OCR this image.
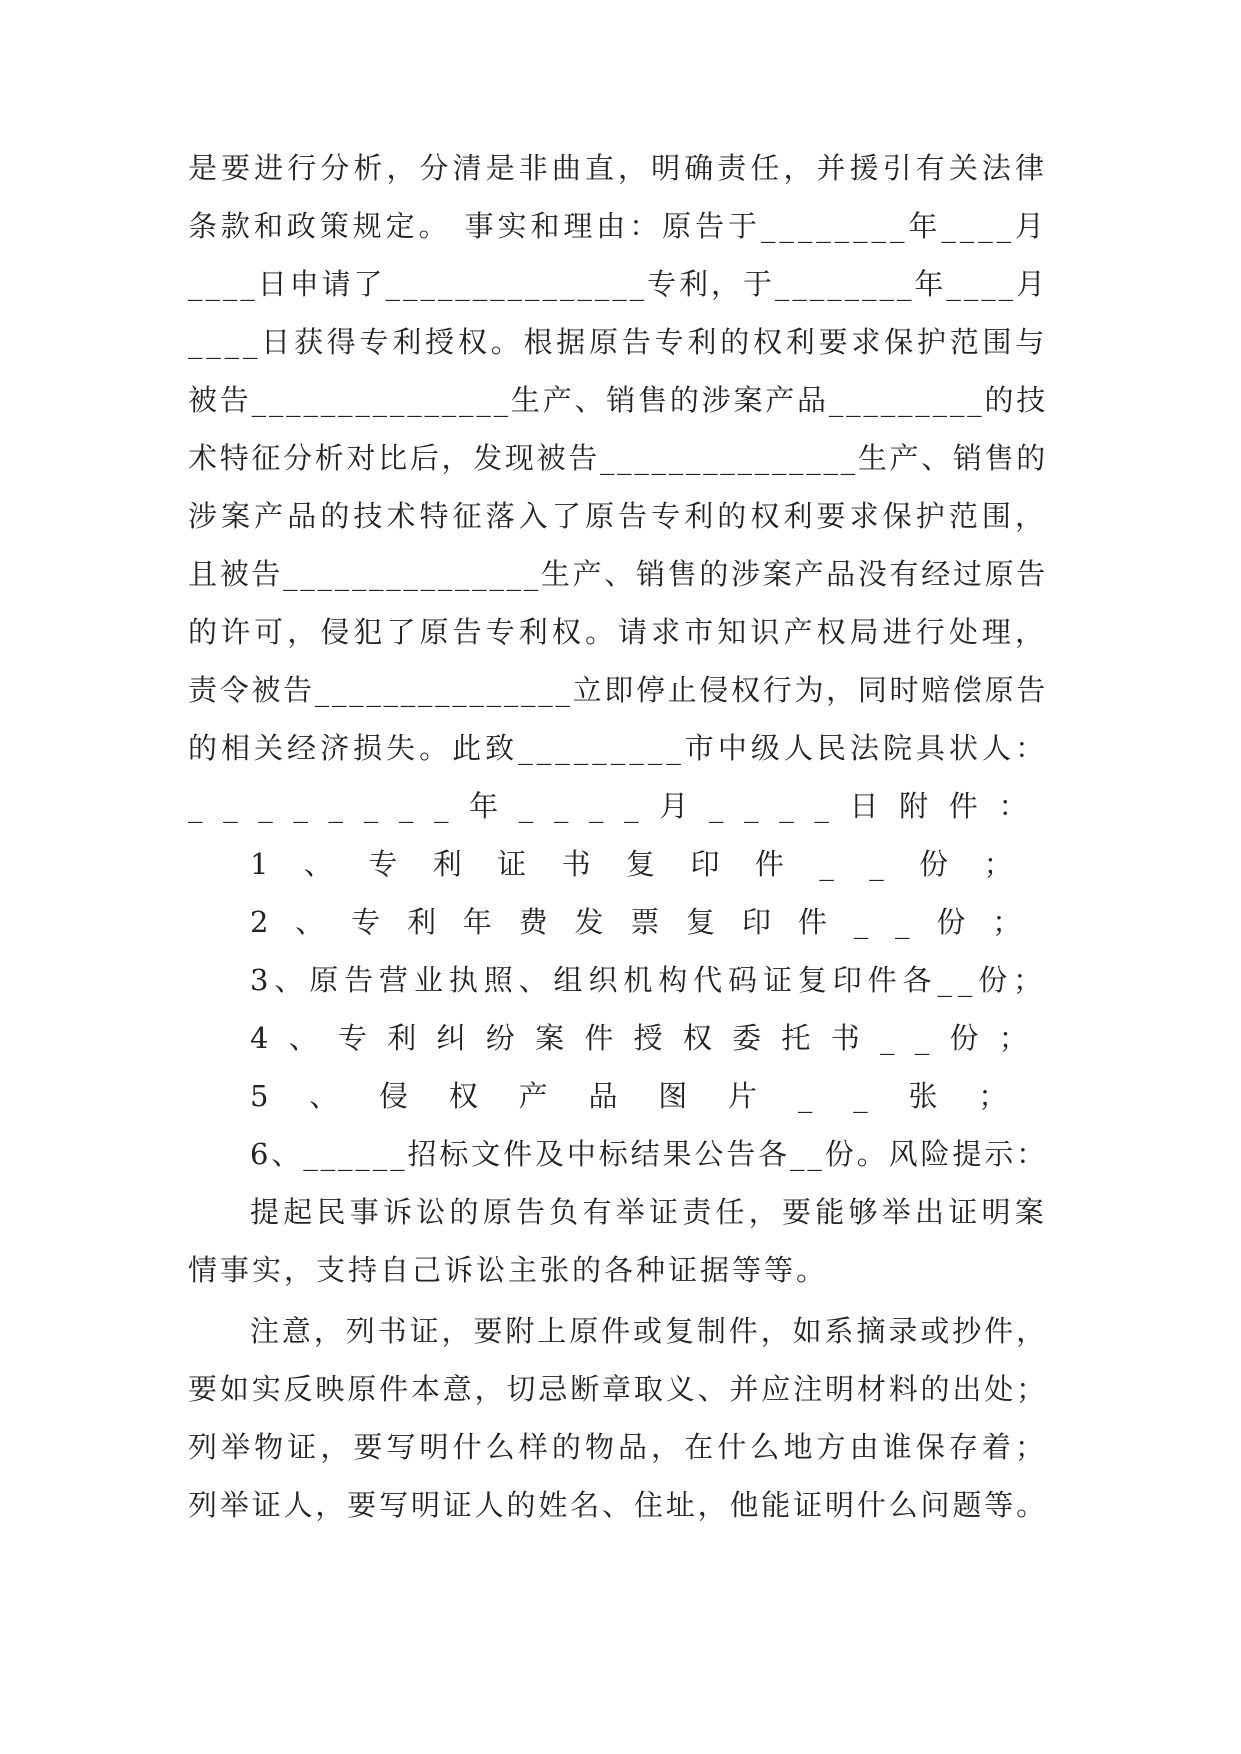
是要进行分析，分清是非曲直，明确责任，并援引有关法律
条款和政策规定。 事实和理由：原告于________年____月
____日申请了_______________专利，于________年____月
____日获得专利授权。根据原告专利的权利要求保护范围与
被告_______________生产、销售的涉案产品_________的技
术特征分析对比后，发现被告_______________生产、销售的
涉案产品的技术特征落入了原告专利的权利要求保护范围，
且被告_______________生产、销售的涉案产品没有经过原告
的许可，侵犯了原告专利权。请求市知识产权局进行处理，
责令被告_______________立即停止侵权行为，同时赔偿原告
的相关经济损失。此致_________市中级人民法院具状人：
________年____月____日附件：
1、专利证书复印件__份；
2、专利年费发票复印件__份；
3、原告营业执照、组织机构代码证复印件各__份；
4、专利纠纷案件授权委托书__份；
5、侵权产品图片__张；
6、______招标文件及中标结果公告各__份。风险提示：
提起民事诉讼的原告负有举证责任，要能够举出证明案
情事实，支持自己诉讼主张的各种证据等等。
注意，列书证，要附上原件或复制件，如系摘录或抄件，
要如实反映原件本意，切忌断章取义、并应注明材料的出处；
列举物证，要写明什么样的物品，在什么地方由谁保存着；
列举证人，要写明证人的姓名、住址，他能证明什么问题等。
